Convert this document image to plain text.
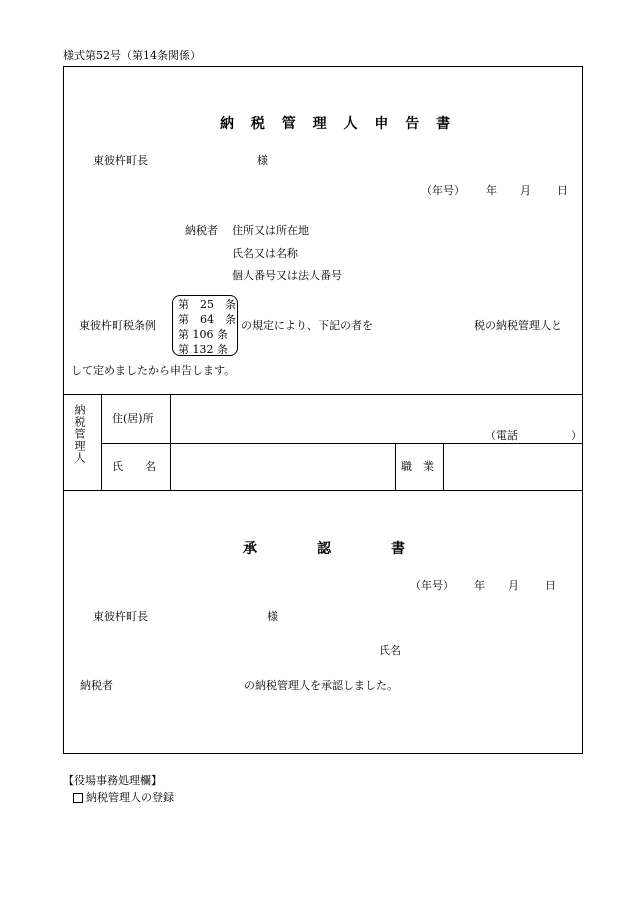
様式第52号（第14条関係）
納 税 管 理 人 申 告 書
東彼杵町長	様
（年号） 年 月 日
納税者 住所又は所在地
氏名又は名称
個人番号又は法人番号
東彼杵町税条例
第　25　条
第　64　条
第 106 条
第 132 条
の規定により、下記の者を	税の納税管理人と
して定めましたから申告します。
納税管理人 住(居)所
（電話	）
氏　　名	職　業
承	認	書
（年号） 年 月 日
東彼杵町長	様
氏名
納税者	の納税管理人を承認しました。
【役場事務処理欄】
納税管理人の登録
